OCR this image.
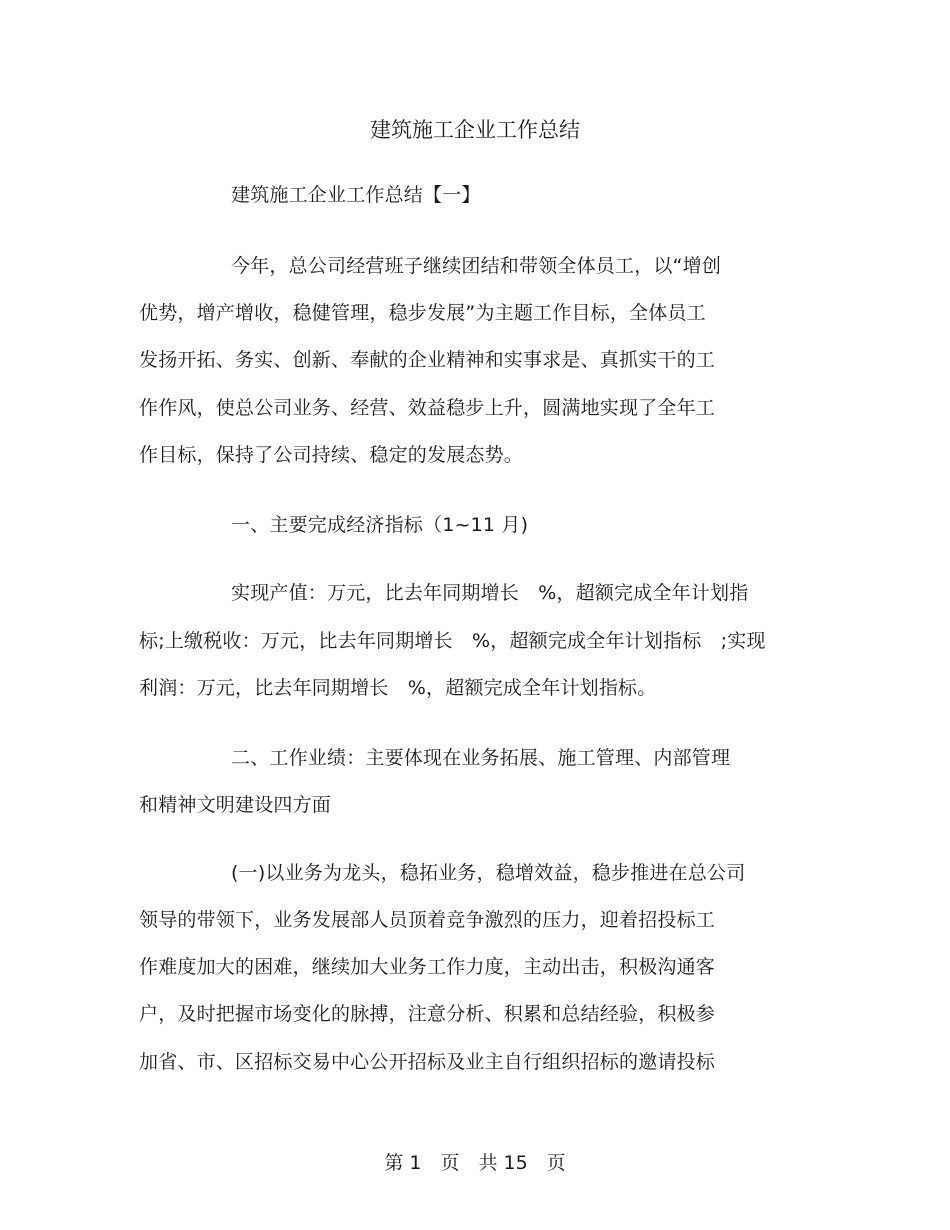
建筑施工企业工作总结
建筑施工企业工作总结【一】
今年，总公司经营班子继续团结和带领全体员工，以“增创
优势，增产增收，稳健管理，稳步发展”为主题工作目标，全体员工
发扬开拓、务实、创新、奉献的企业精神和实事求是、真抓实干的工
作作风，使总公司业务、经营、效益稳步上升，圆满地实现了全年工
作目标，保持了公司持续、稳定的发展态势。
一、主要完成经济指标（1~11 月)
实现产值：万元，比去年同期增长　%，超额完成全年计划指
标;上缴税收：万元，比去年同期增长　%，超额完成全年计划指标　;实现
利润：万元，比去年同期增长　%，超额完成全年计划指标。
二、工作业绩：主要体现在业务拓展、施工管理、内部管理
和精神文明建设四方面
(一)以业务为龙头，稳拓业务，稳增效益，稳步推进在总公司
领导的带领下，业务发展部人员顶着竞争激烈的压力，迎着招投标工
作难度加大的困难，继续加大业务工作力度，主动出击，积极沟通客
户，及时把握市场变化的脉搏，注意分析、积累和总结经验，积极参
加省、市、区招标交易中心公开招标及业主自行组织招标的邀请投标
第 1　页　共 15　页
